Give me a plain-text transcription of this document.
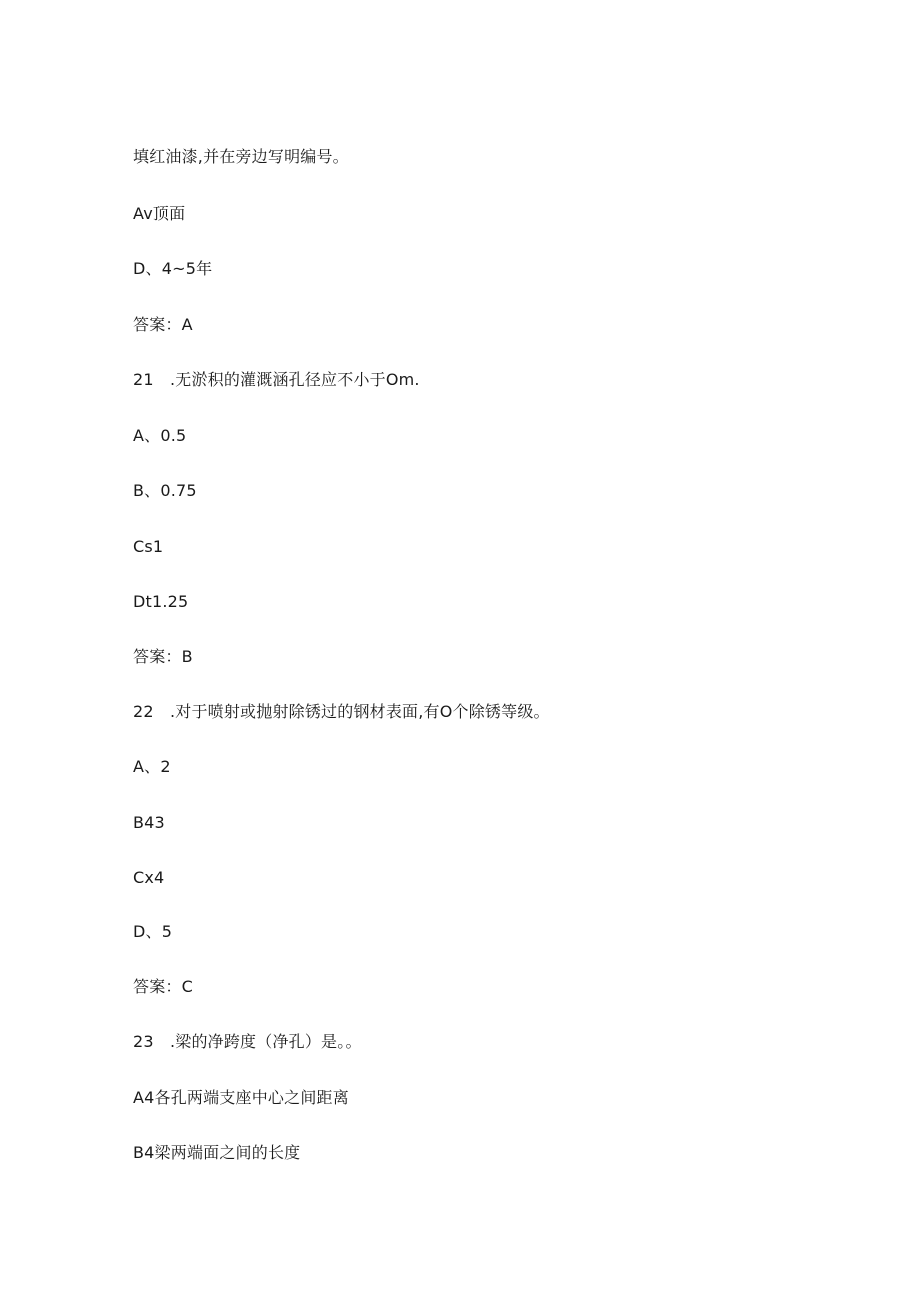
填红油漆,并在旁边写明编号。
Av顶面
D、4~5年
答案：A
21　.无淤积的灌溉涵孔径应不小于Om.
A、0.5
B、0.75
Cs1
Dt1.25
答案：B
22　.对于喷射或抛射除锈过的钢材表面,有O个除锈等级。
A、2
B43
Cx4
D、5
答案：C
23　.梁的净跨度（净孔）是。。
A4各孔两端支座中心之间距离
B4梁两端面之间的长度
